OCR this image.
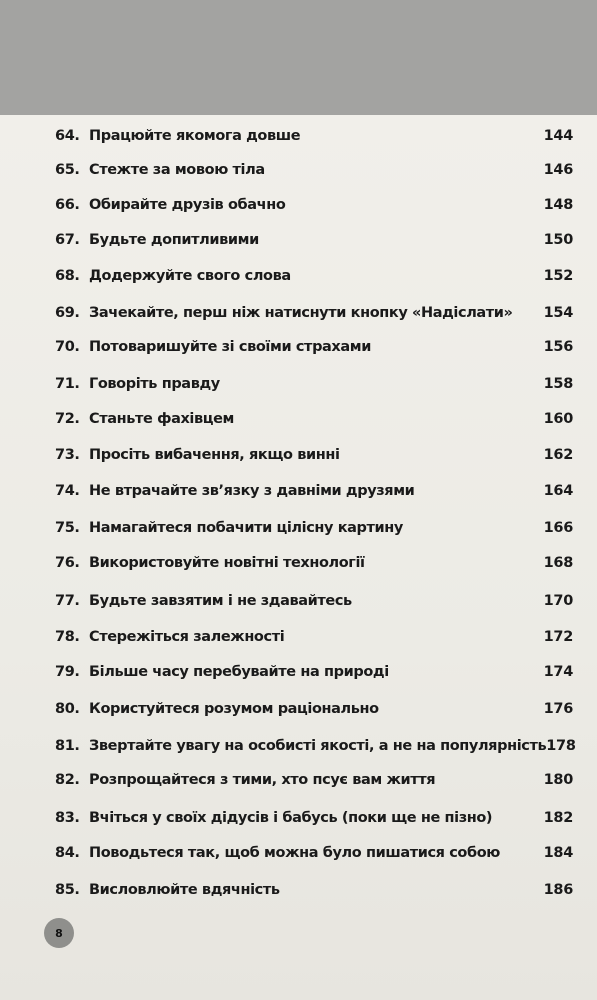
64. Працюйте якомога довше	144
65. Стежте за мовою тіла	146
66. Обирайте друзів обачно	148
67. Будьте допитливими	150
68. Додержуйте свого слова	152
69. Зачекайте, перш ніж натиснути кнопку «Надіслати» 154
70. Потоваришуйте зі своїми страхами	156
71. Говоріть правду	158
72. Станьте фахівцем	160
73. Просіть вибачення, якщо винні	162
74. Не втрачайте зв’язку з давніми друзями	164
75. Намагайтеся побачити цілісну картину	166
76. Використовуйте новітні технології	168
77. Будьте завзятим і не здавайтесь	170
78. Стережіться залежності	172
79. Більше часу перебувайте на природі	174
80. Користуйтеся розумом раціонально	176
81. Звертайте увагу на особисті якості, а не на популярність 178
82. Розпрощайтеся з тими, хто псує вам життя	180
83. Вчіться у своїх дідусів і бабусь (поки ще не пізно)	182
84. Поводьтеся так, щоб можна було пишатися собою	184
85. Висловлюйте вдячність	186
8
